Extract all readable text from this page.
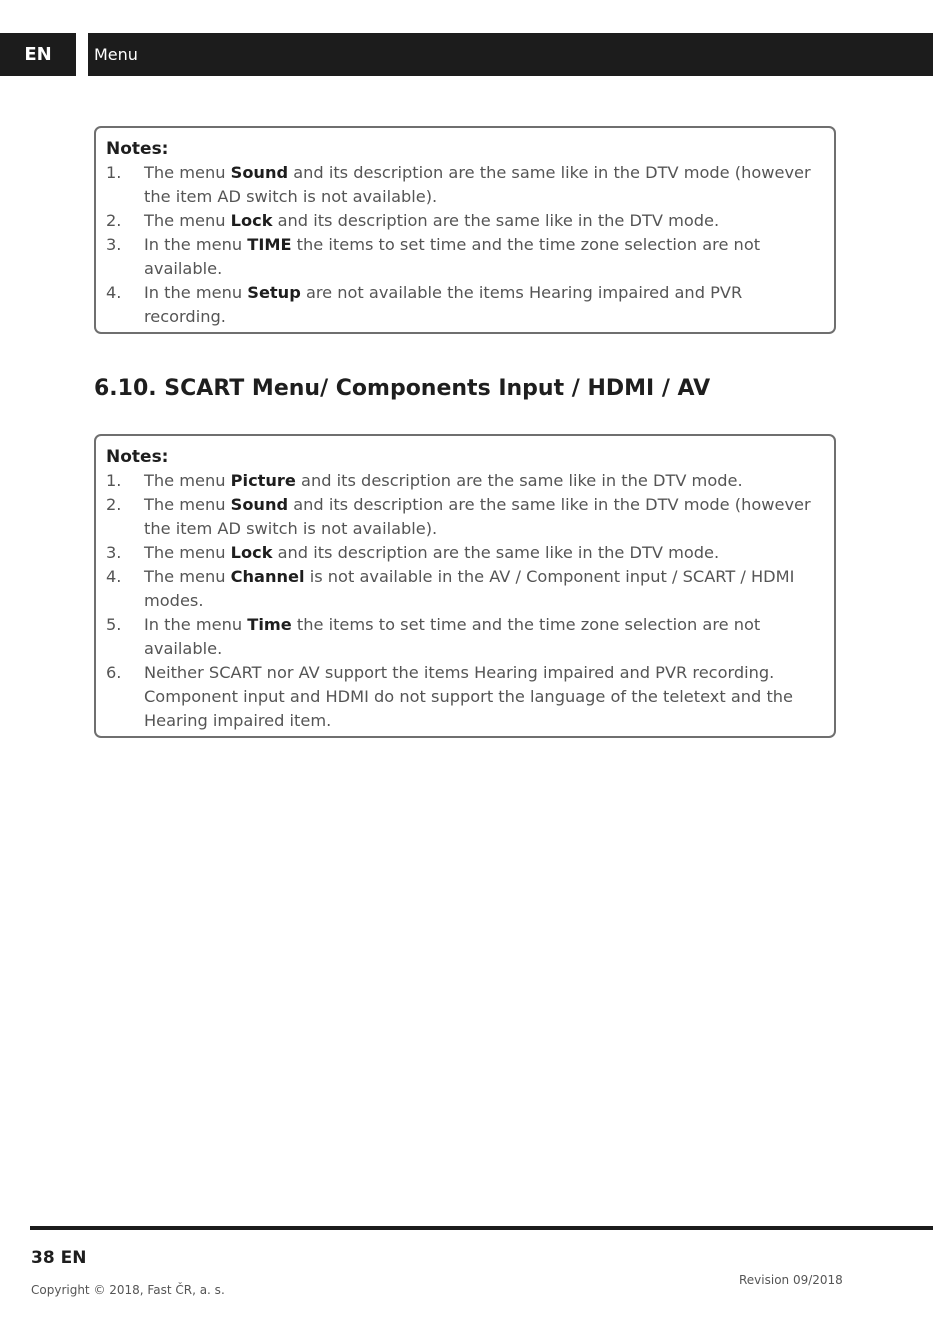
EN	Menu
Notes:
1.	The menu Sound and its description are the same like in the DTV mode (however the item AD switch is not available).
2.	The menu Lock and its description are the same like in the DTV mode.
3.	In the menu TIME the items to set time and the time zone selection are not available.
4.	In the menu Setup are not available the items Hearing impaired and PVR recording.
6.10. SCART Menu/ Components Input / HDMI / AV
Notes:
1.	The menu Picture and its description are the same like in the DTV mode.
2.	The menu Sound and its description are the same like in the DTV mode (however the item AD switch is not available).
3.	The menu Lock and its description are the same like in the DTV mode.
4.	The menu Channel is not available in the AV / Component input / SCART / HDMI modes.
5.	In the menu Time the items to set time and the time zone selection are not available.
6.	Neither SCART nor AV support the items Hearing impaired and PVR recording. Component input and HDMI do not support the language of the teletext and the Hearing impaired item.
38 EN
Copyright © 2018, Fast ČR, a. s.
Revision 09/2018
